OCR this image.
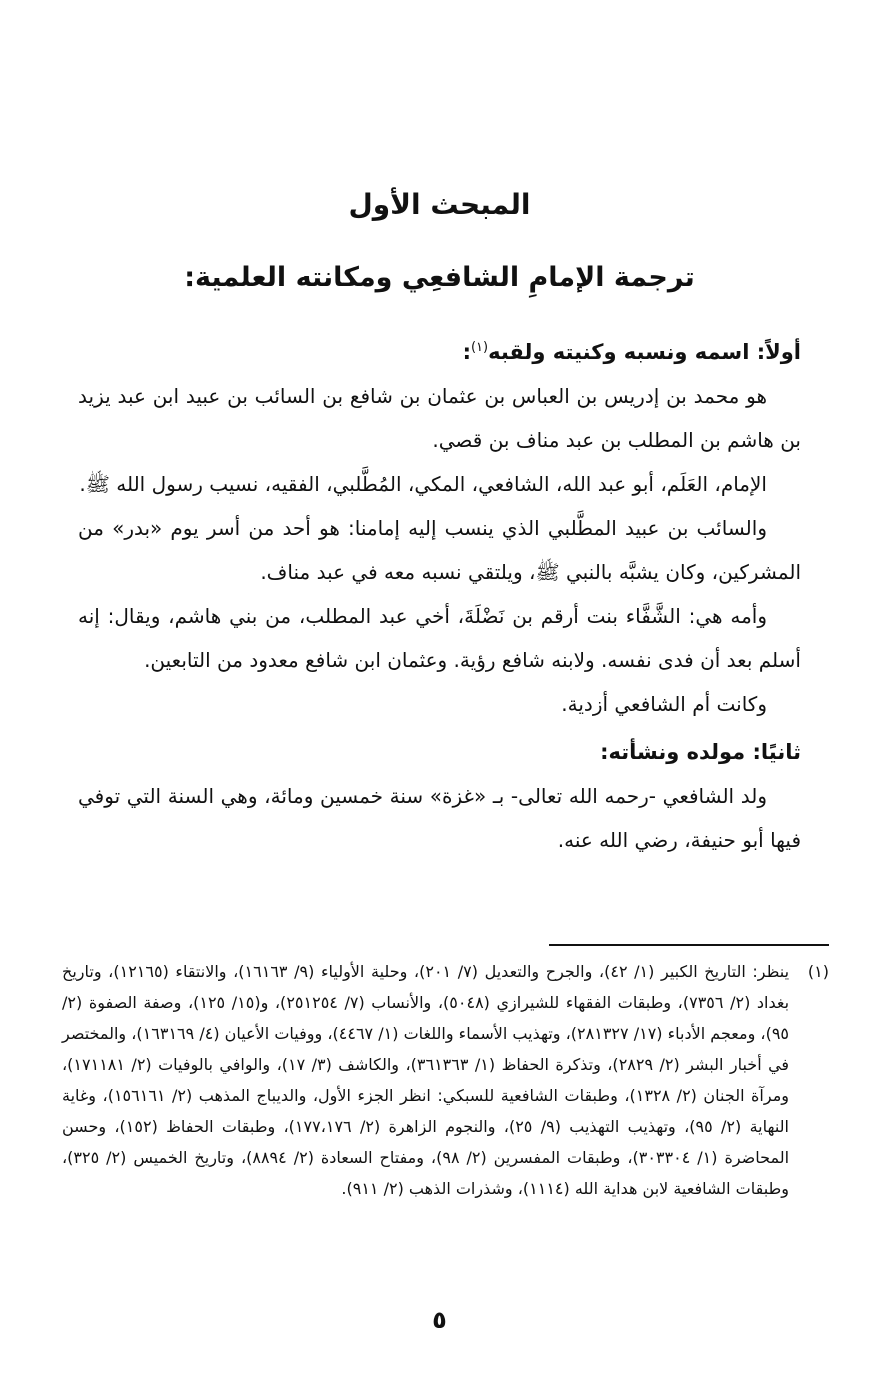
المبحث الأول
ترجمة الإمامِ الشافعِي ومكانته العلمية:

أولاً: اسمه ونسبه وكنيته ولقبه$^{(١)}$:

هو محمد بن إدريس بن العباس بن عثمان بن شافع بن السائب بن عبيد ابن عبد يزيد بن هاشم بن المطلب بن عبد مناف بن قصي.

الإمام، العَلَم، أبو عبد الله، الشافعي، المكي، المُطَّلبي، الفقيه، نسيب رسول الله ﷺ.

والسائب بن عبيد المطَّلبي الذي ينسب إليه إمامنا: هو أحد من أسر يوم «بدر» من المشركين، وكان يشبَّه بالنبي ﷺ، ويلتقي نسبه معه في عبد مناف.

وأمه هي: الشَّفَّاء بنت أرقم بن نَضْلَةَ، أخي عبد المطلب، من بني هاشم، ويقال: إنه أسلم بعد أن فدى نفسه. ولابنه شافع رؤية. وعثمان ابن شافع معدود من التابعين.

وكانت أم الشافعي أزدية.

ثانيًا: مولده ونشأته:

ولد الشافعي -رحمه الله تعالى- بـ «غزة» سنة خمسين ومائة، وهي السنة التي توفي فيها أبو حنيفة، رضي الله عنه.

(١)
ينظر: التاريخ الكبير (١/ ٤٢)، والجرح والتعديل (٧/ ٢٠١)، وحلية الأولياء (٩/ ١٦١٦٣)، والانتقاء (١٢١٦٥)، وتاريخ بغداد (٢/ ٧٣٥٦)، وطبقات الفقهاء للشيرازي (٥٠٤٨)، والأنساب (٧/ ٢٥١٢٥٤)، و(١٥/ ١٢٥)، وصفة الصفوة (٢/ ٩٥)، ومعجم الأدباء (١٧/ ٢٨١٣٢٧)، وتهذيب الأسماء واللغات (١/ ٤٤٦٧)، ووفيات الأعيان (٤/ ١٦٣١٦٩)، والمختصر في أخبار البشر (٢/ ٢٨٢٩)، وتذكرة الحفاظ (١/ ٣٦١٣٦٣)، والكاشف (٣/ ١٧)، والوافي بالوفيات (٢/ ١٧١١٨١)، ومرآة الجنان (٢/ ١٣٢٨)، وطبقات الشافعية للسبكي: انظر الجزء الأول، والديباج المذهب (٢/ ١٥٦١٦١)، وغاية النهاية (٢/ ٩٥)، وتهذيب التهذيب (٩/ ٢٥)، والنجوم الزاهرة (٢/ ١٧٧،١٧٦)، وطبقات الحفاظ (١٥٢)، وحسن المحاضرة (١/ ٣٠٣٣٠٤)، وطبقات المفسرين (٢/ ٩٨)، ومفتاح السعادة (٢/ ٨٨٩٤)، وتاريخ الخميس (٢/ ٣٢٥)، وطبقات الشافعية لابن هداية الله (١١١٤)، وشذرات الذهب (٢/ ٩١١).
٥
